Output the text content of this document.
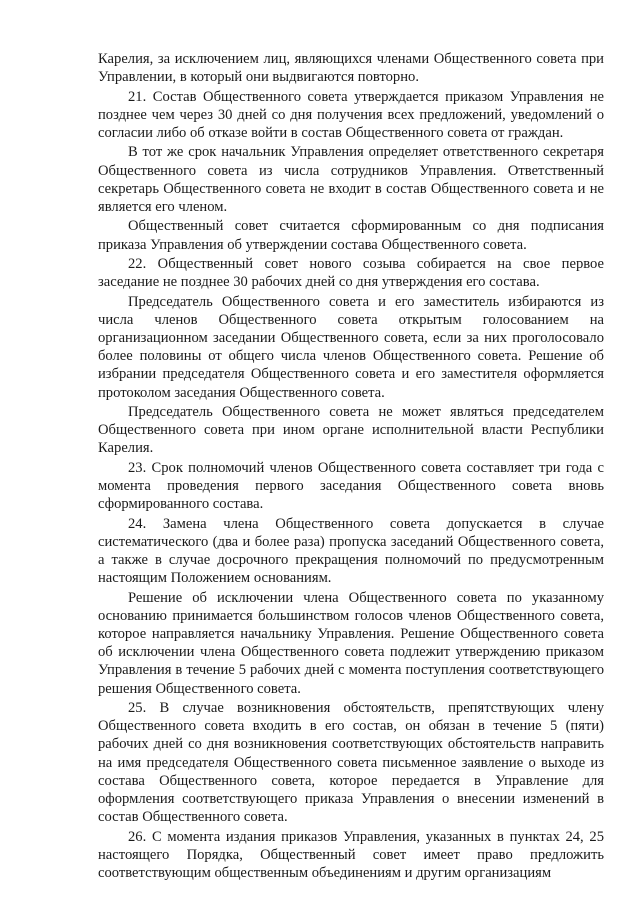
Карелия, за исключением лиц, являющихся членами Общественного совета при Управлении, в который они выдвигаются повторно.

21. Состав Общественного совета утверждается приказом Управления не позднее чем через 30 дней со дня получения всех предложений, уведомлений о согласии либо об отказе войти в состав Общественного совета от граждан.

В тот же срок начальник Управления определяет ответственного секретаря Общественного совета из числа сотрудников Управления. Ответственный секретарь Общественного совета не входит в состав Общественного совета и не является его членом.

Общественный совет считается сформированным со дня подписания приказа Управления об утверждении состава Общественного совета.

22. Общественный совет нового созыва собирается на свое первое заседание не позднее 30 рабочих дней со дня утверждения его состава.

Председатель Общественного совета и его заместитель избираются из числа членов Общественного совета открытым голосованием на организационном заседании Общественного совета, если за них проголосовало более половины от общего числа членов Общественного совета. Решение об избрании председателя Общественного совета и его заместителя оформляется протоколом заседания Общественного совета.

Председатель Общественного совета не может являться председателем Общественного совета при ином органе исполнительной власти Республики Карелия.

23. Срок полномочий членов Общественного совета составляет три года с момента проведения первого заседания Общественного совета вновь сформированного состава.

24. Замена члена Общественного совета допускается в случае систематического (два и более раза) пропуска заседаний Общественного совета, а также в случае досрочного прекращения полномочий по предусмотренным настоящим Положением основаниям.

Решение об исключении члена Общественного совета по указанному основанию принимается большинством голосов членов Общественного совета, которое направляется начальнику Управления. Решение Общественного совета об исключении члена Общественного совета подлежит утверждению приказом Управления в течение 5 рабочих дней с момента поступления соответствующего решения Общественного совета.

25. В случае возникновения обстоятельств, препятствующих члену Общественного совета входить в его состав, он обязан в течение 5 (пяти) рабочих дней со дня возникновения соответствующих обстоятельств направить на имя председателя Общественного совета письменное заявление о выходе из состава Общественного совета, которое передается в Управление для оформления соответствующего приказа Управления о внесении изменений в состав Общественного совета.

26. С момента издания приказов Управления, указанных в пунктах 24, 25 настоящего Порядка, Общественный совет имеет право предложить соответствующим общественным объединениям и другим организациям
